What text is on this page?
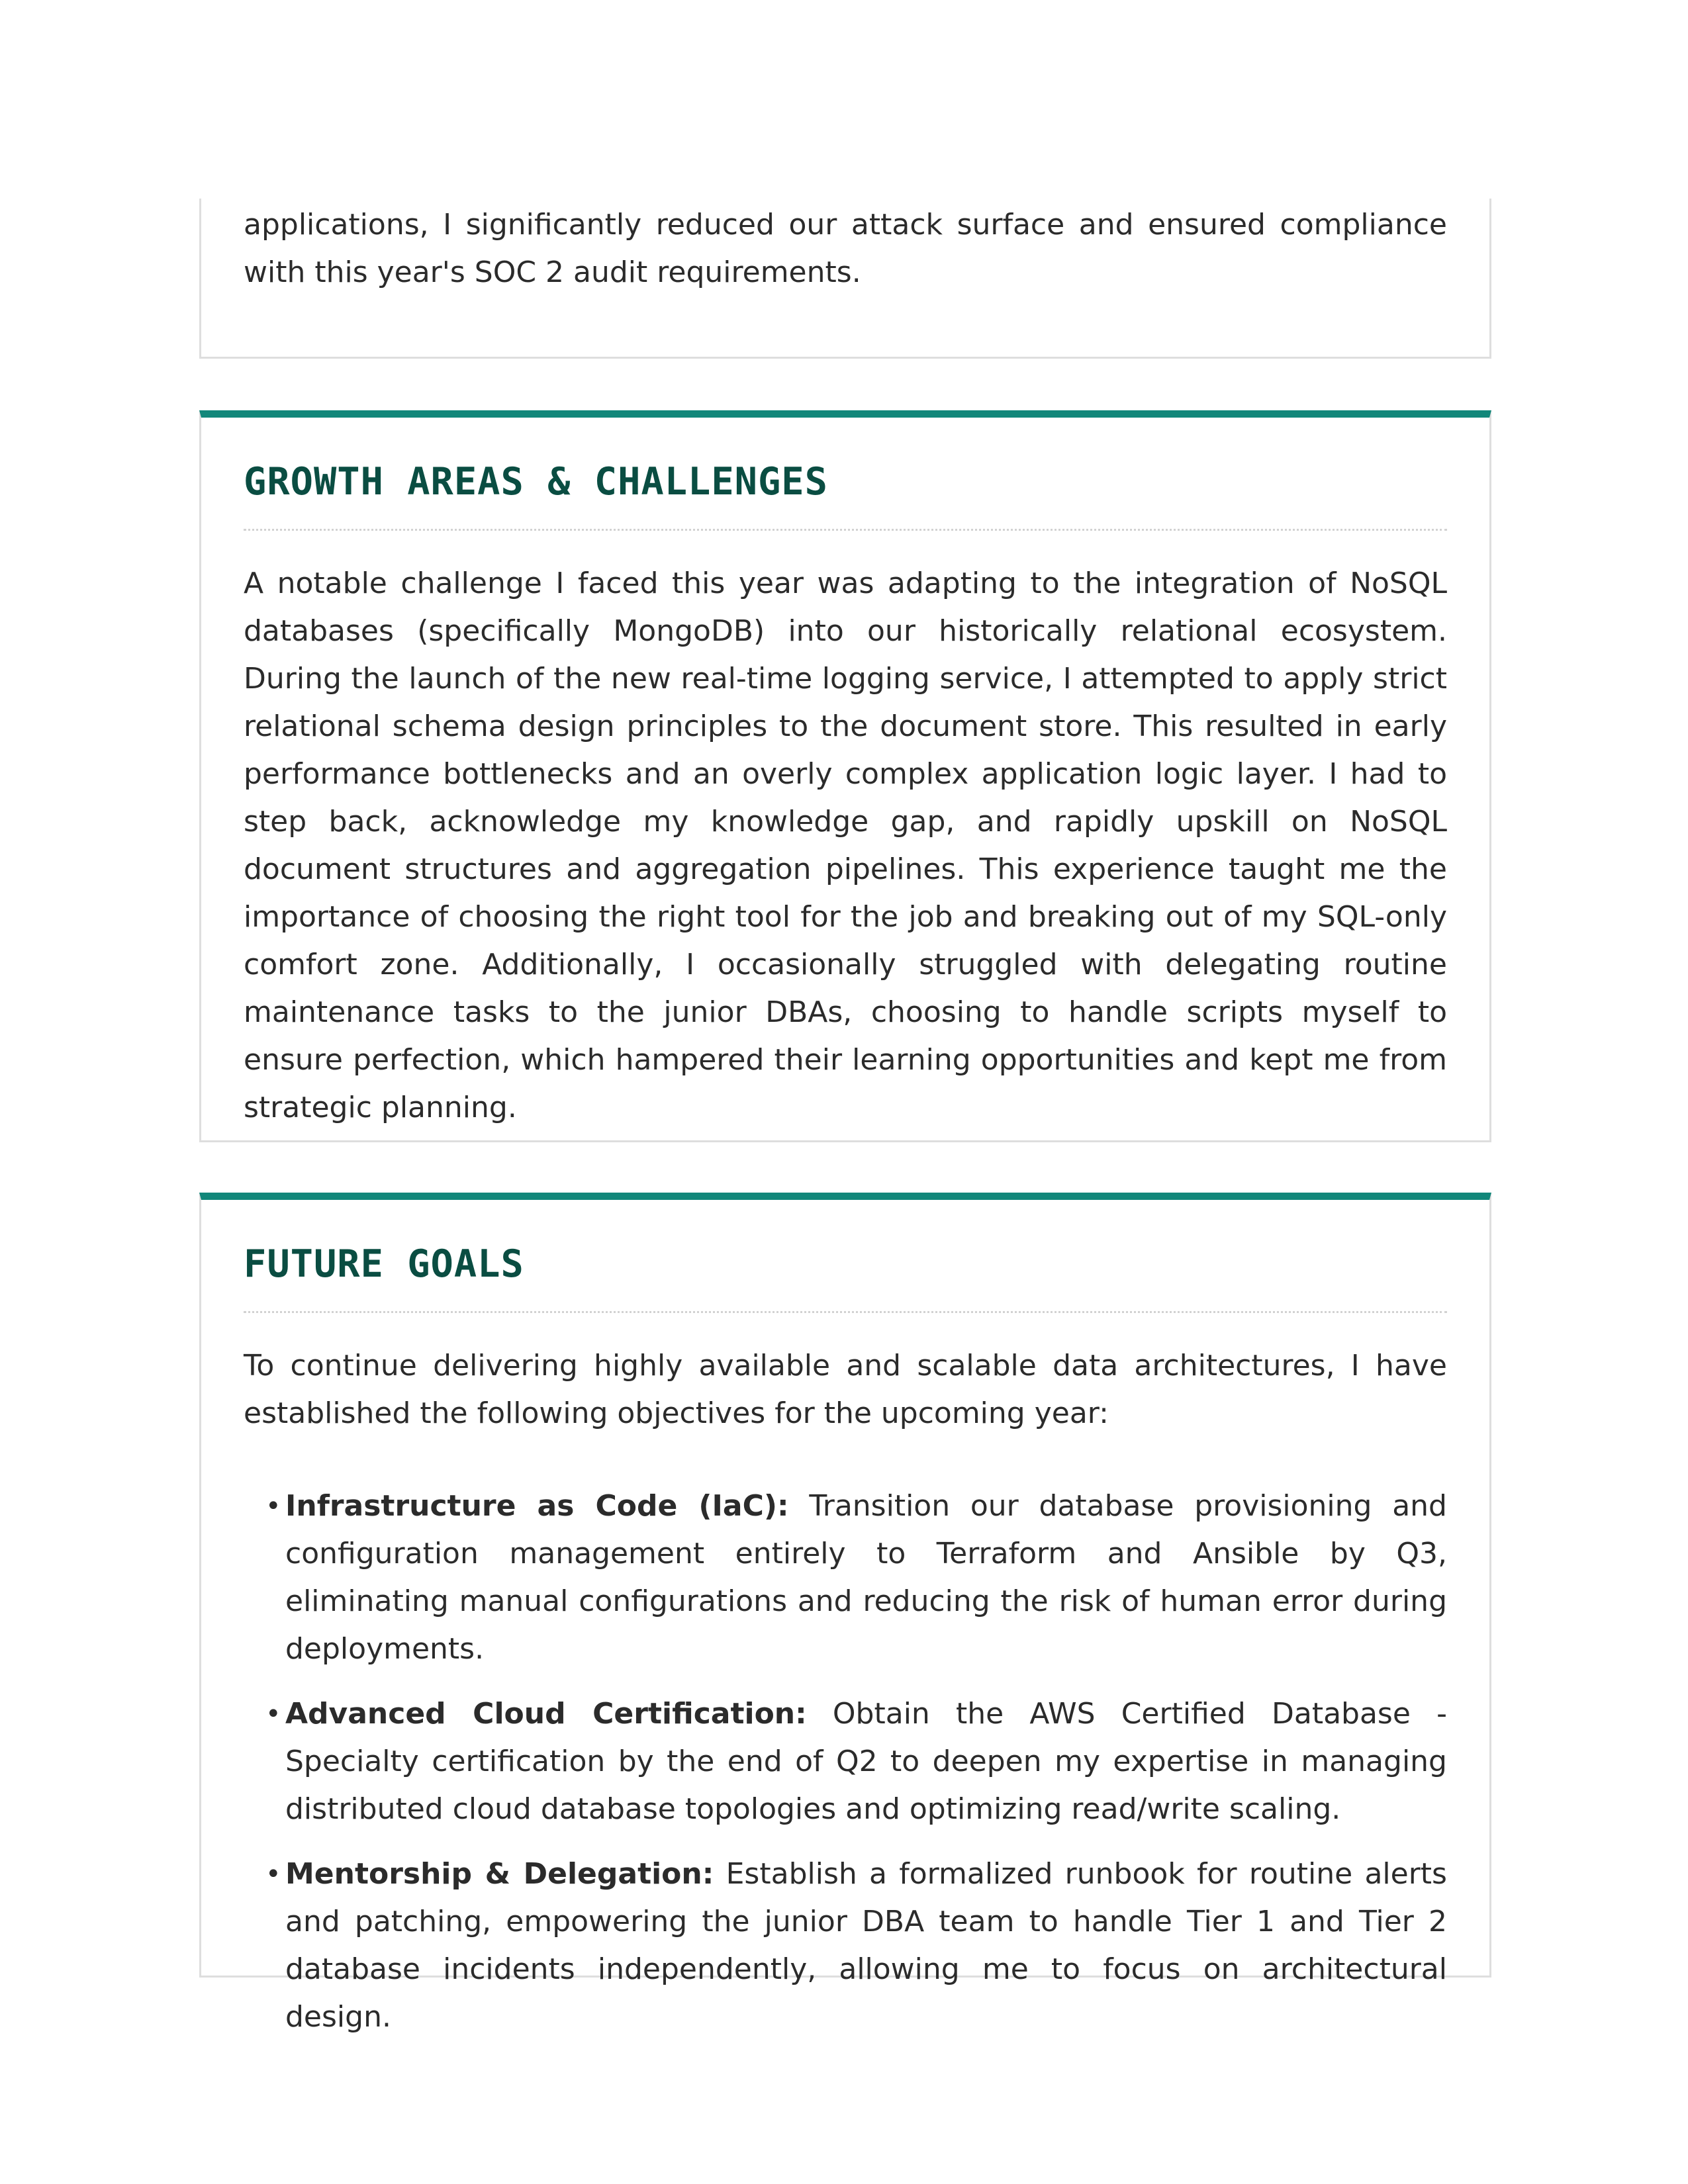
applications, I significantly reduced our attack surface and ensured compliance with this year's SOC 2 audit requirements.

GROWTH AREAS & CHALLENGES

A notable challenge I faced this year was adapting to the integration of NoSQL databases (specifically MongoDB) into our historically relational ecosystem. During the launch of the new real-time logging service, I attempted to apply strict relational schema design principles to the document store. This resulted in early performance bottlenecks and an overly complex application logic layer. I had to step back, acknowledge my knowledge gap, and rapidly upskill on NoSQL document structures and aggregation pipelines. This experience taught me the importance of choosing the right tool for the job and breaking out of my SQL-only comfort zone. Additionally, I occasionally struggled with delegating routine maintenance tasks to the junior DBAs, choosing to handle scripts myself to ensure perfection, which hampered their learning opportunities and kept me from strategic planning.

FUTURE GOALS

To continue delivering highly available and scalable data architectures, I have established the following objectives for the upcoming year:

• Infrastructure as Code (IaC): Transition our database provisioning and configuration management entirely to Terraform and Ansible by Q3, eliminating manual configurations and reducing the risk of human error during deployments.
• Advanced Cloud Certification: Obtain the AWS Certified Database - Specialty certification by the end of Q2 to deepen my expertise in managing distributed cloud database topologies and optimizing read/write scaling.
• Mentorship & Delegation: Establish a formalized runbook for routine alerts and patching, empowering the junior DBA team to handle Tier 1 and Tier 2 database incidents independently, allowing me to focus on architectural design.
